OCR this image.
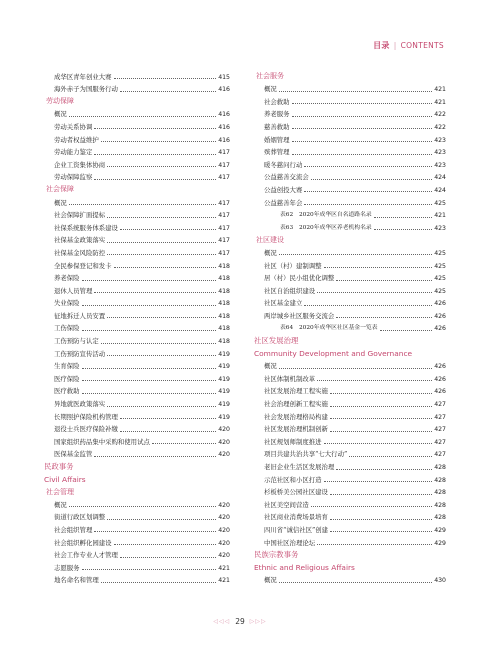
目录 | CONTENTS
成华区青年创业大赛	415
海外赤子为国服务行动	416
劳动保障
概况	416
劳动关系协调	416
劳动者权益维护	416
劳动能力鉴定	417
企业工资集体协商	417
劳动保障监察	417
社会保障
概况	417
社会保障扩面提标	417
社保系统服务体系建设	417
社保基金政策落实	417
社保基金风险防控	417
全民参保登记和发卡	418
养老保险	418
退休人员管理	418
失业保险	418
征地拆迁人员安置	418
工伤保险	418
工伤预防与认定	418
工伤预防宣传活动	419
生育保险	419
医疗保险	419
医疗救助	419
异地就医政策落实	419
长期照护保险机构管理	419
退役士兵医疗保险补缴	420
国家组织药品集中采购和使用试点	420
医保基金监管	420
民政事务
Civil Affairs
社会管理
概况	420
街道行政区划调整	420
社会组织管理	420
社会组织孵化园建设	420
社会工作专业人才管理	420
志愿服务	421
地名命名和管理	421
社会服务
概况	421
社会救助	421
养老服务	422
慈善救助	422
婚姻管理	423
殡葬管理	423
暖冬慈问行动	423
公益慈善交流会	424
公益创投大赛	424
公益慈善年会	425
表62　2020年成华区自名道路名录	421
表63　2020年成华区养老机构名录	423
社区建设
概况	425
社区（村）建制调整	425
居（村）民小组优化调整	425
社区自治组织建设	425
社区基金建立	426
两岸城乡社区服务交流会	426
表64　2020年成华区社区基金一览表	426
社区发展治理
Community Development and Governance
概况	426
社区体制机制改革	426
社区发展治理工程实施	426
社会治理创新工程实施	427
社会发展治理格局构建	427
社区发展治理机制创新	427
社区规划师制度推进	427
项目共建共治共享“七大行动”	427
老旧企业生活区发展治理	428
示范社区和小区打造	428
杉板桥美公园社区建设	428
社区美空间营造	428
社区商业消费场景培育	428
四川省“诚信社区”创建	429
中国社区治理论坛	429
民族宗教事务
Ethnic and Religious Affairs
概况	430
◁◁◁ 29 ▷▷▷
